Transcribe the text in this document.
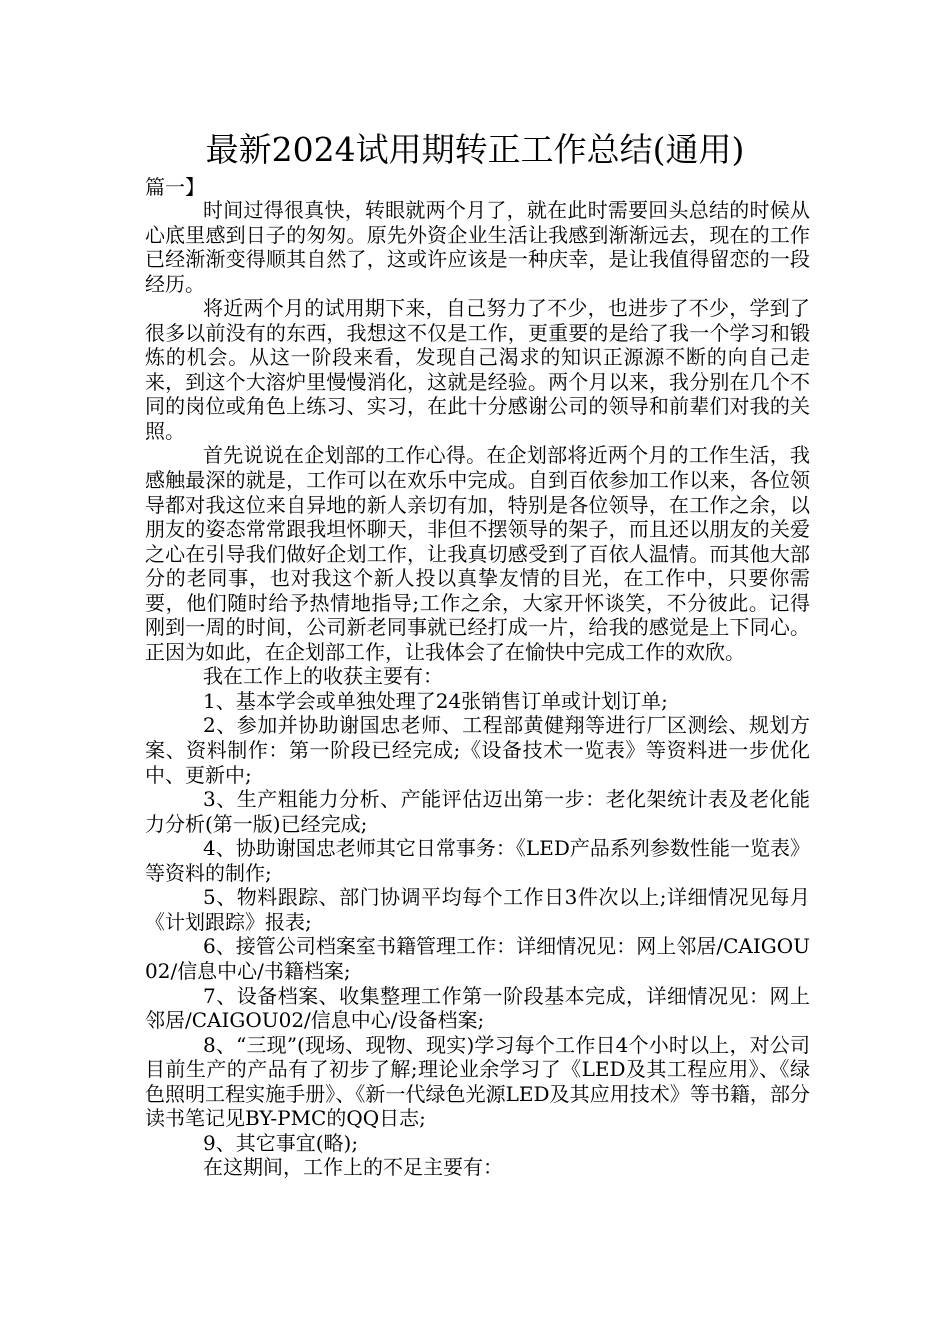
最新2024试用期转正工作总结(通用)
篇一】

时间过得很真快，转眼就两个月了，就在此时需要回头总结的时候从心底里感到日子的匆匆。原先外资企业生活让我感到渐渐远去，现在的工作已经渐渐变得顺其自然了，这或许应该是一种庆幸，是让我值得留恋的一段经历。

将近两个月的试用期下来，自己努力了不少，也进步了不少，学到了很多以前没有的东西，我想这不仅是工作，更重要的是给了我一个学习和锻炼的机会。从这一阶段来看，发现自己渴求的知识正源源不断的向自己走来，到这个大溶炉里慢慢消化，这就是经验。两个月以来，我分别在几个不同的岗位或角色上练习、实习，在此十分感谢公司的领导和前辈们对我的关照。

首先说说在企划部的工作心得。在企划部将近两个月的工作生活，我感触最深的就是，工作可以在欢乐中完成。自到百依参加工作以来，各位领导都对我这位来自异地的新人亲切有加，特别是各位领导，在工作之余，以朋友的姿态常常跟我坦怀聊天，非但不摆领导的架子，而且还以朋友的关爱之心在引导我们做好企划工作，让我真切感受到了百依人温情。而其他大部分的老同事，也对我这个新人投以真挚友情的目光，在工作中，只要你需要，他们随时给予热情地指导;工作之余，大家开怀谈笑，不分彼此。记得刚到一周的时间，公司新老同事就已经打成一片，给我的感觉是上下同心。正因为如此，在企划部工作，让我体会了在愉快中完成工作的欢欣。

我在工作上的收获主要有：

1、基本学会或单独处理了24张销售订单或计划订单;

2、参加并协助谢国忠老师、工程部黄健翔等进行厂区测绘、规划方案、资料制作：第一阶段已经完成;《设备技术一览表》等资料进一步优化中、更新中;

3、生产粗能力分析、产能评估迈出第一步：老化架统计表及老化能力分析(第一版)已经完成;

4、协助谢国忠老师其它日常事务：《LED产品系列参数性能一览表》等资料的制作;

5、物料跟踪、部门协调平均每个工作日3件次以上;详细情况见每月《计划跟踪》报表;

6、接管公司档案室书籍管理工作：详细情况见：网上邻居/CAIGOU02/信息中心/书籍档案;

7、设备档案、收集整理工作第一阶段基本完成，详细情况见：网上邻居/CAIGOU02/信息中心/设备档案;

8、“三现”(现场、现物、现实)学习每个工作日4个小时以上，对公司目前生产的产品有了初步了解;理论业余学习了《LED及其工程应用》、《绿色照明工程实施手册》、《新一代绿色光源LED及其应用技术》等书籍，部分读书笔记见BY-PMC的QQ日志;

9、其它事宜(略);

在这期间，工作上的不足主要有：
